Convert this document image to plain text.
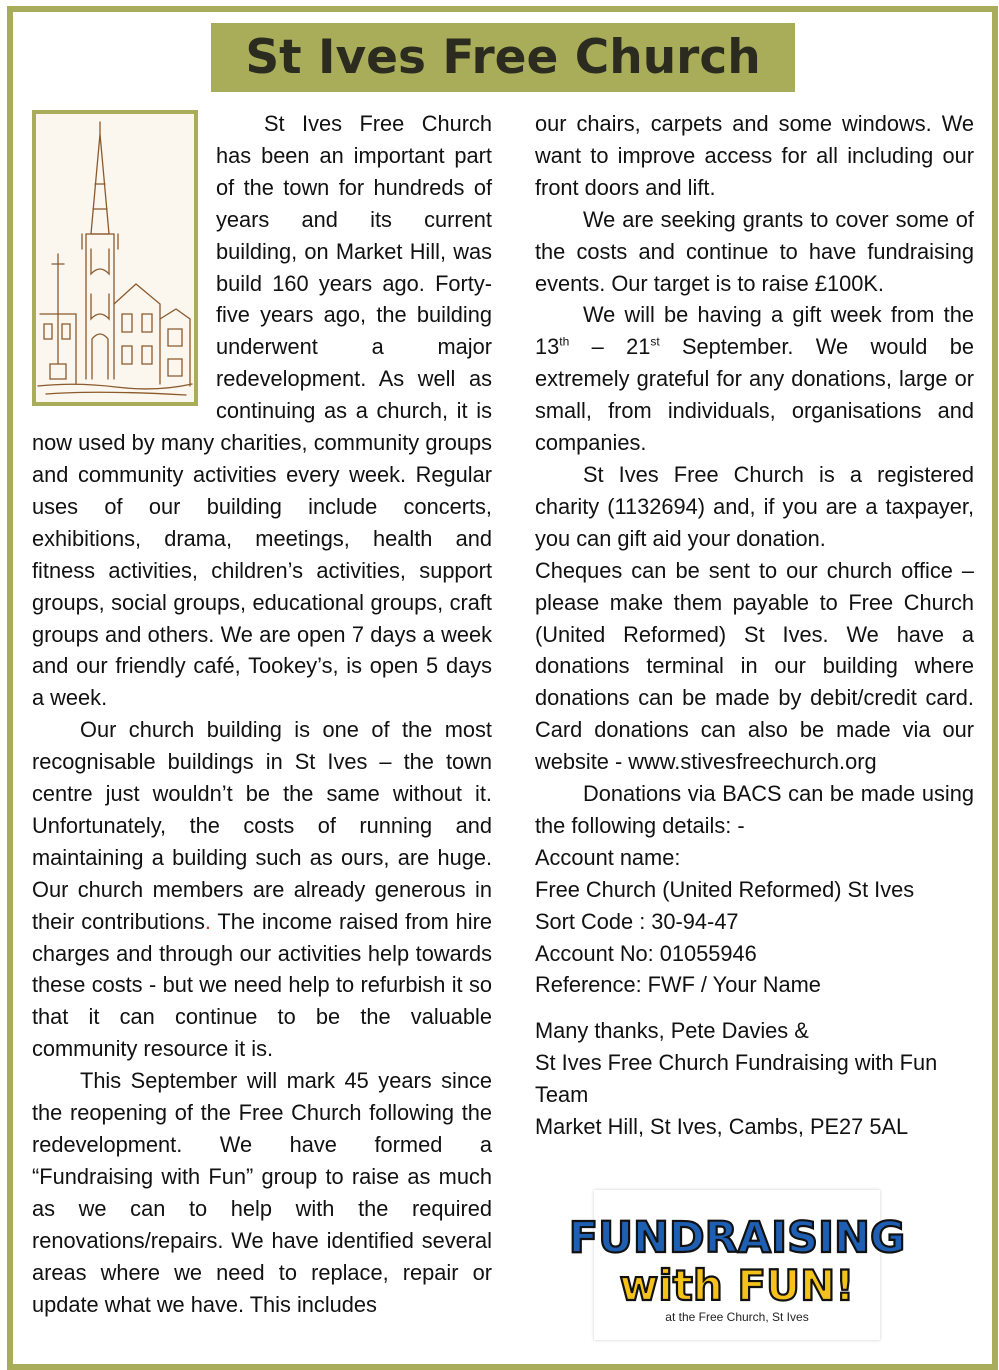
St Ives Free Church

St Ives Free Church has been an important part of the town for hundreds of years and its current building, on Market Hill, was build 160 years ago. Forty-five years ago, the building underwent a major redevelopment. As well as continuing as a church, it is now used by many charities, community groups and community activities every week. Regular uses of our building include concerts, exhibitions, drama, meetings, health and fitness activities, children’s activities, support groups, social groups, educational groups, craft groups and others. We are open 7 days a week and our friendly café, Tookey’s, is open 5 days a week.

Our church building is one of the most recognisable buildings in St Ives – the town centre just wouldn’t be the same without it. Unfortunately, the costs of running and maintaining a building such as ours, are huge. Our church members are already generous in their contributions. The income raised from hire charges and through our activities help towards these costs - but we need help to refurbish it so that it can continue to be the valuable community resource it is.

This September will mark 45 years since the reopening of the Free Church following the redevelopment. We have formed a “Fundraising with Fun” group to raise as much as we can to help with the required renovations/repairs. We have identified several areas where we need to replace, repair or update what we have. This includes

our chairs, carpets and some windows. We want to improve access for all including our front doors and lift.

We are seeking grants to cover some of the costs and continue to have fundraising events. Our target is to raise £100K.

We will be having a gift week from the 13th – 21st September. We would be extremely grateful for any donations, large or small, from individuals, organisations and companies.

St Ives Free Church is a registered charity (1132694) and, if you are a taxpayer, you can gift aid your donation.

Cheques can be sent to our church office – please make them payable to Free Church (United Reformed) St Ives. We have a donations terminal in our building where donations can be made by debit/credit card. Card donations can also be made via our website - www.stivesfreechurch.org

Donations via BACS can be made using the following details: -

Account name:

Free Church (United Reformed) St Ives

Sort Code : 30-94-47

Account No: 01055946

Reference: FWF / Your Name

Many thanks, Pete Davies &

St Ives Free Church Fundraising with Fun Team

Market Hill, St Ives, Cambs, PE27 5AL

FUNDRAISING
with FUN!
at the Free Church, St Ives
